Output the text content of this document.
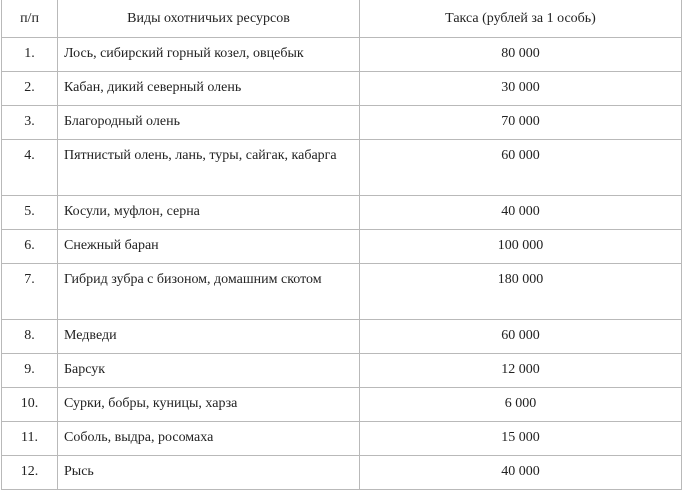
п/п	Виды охотничьих ресурсов	Такса (рублей за 1 особь)
1.	Лось, сибирский горный козел, овцебык	80 000
2.	Кабан, дикий северный олень	30 000
3.	Благородный олень	70 000
4.	Пятнистый олень, лань, туры, сайгак, кабарга	60 000
5.	Косули, муфлон, серна	40 000
6.	Снежный баран	100 000
7.	Гибрид зубра с бизоном, домашним скотом	180 000
8.	Медведи	60 000
9.	Барсук	12 000
10.	Сурки, бобры, куницы, харза	6 000
11.	Соболь, выдра, росомаха	15 000
12.	Рысь	40 000
